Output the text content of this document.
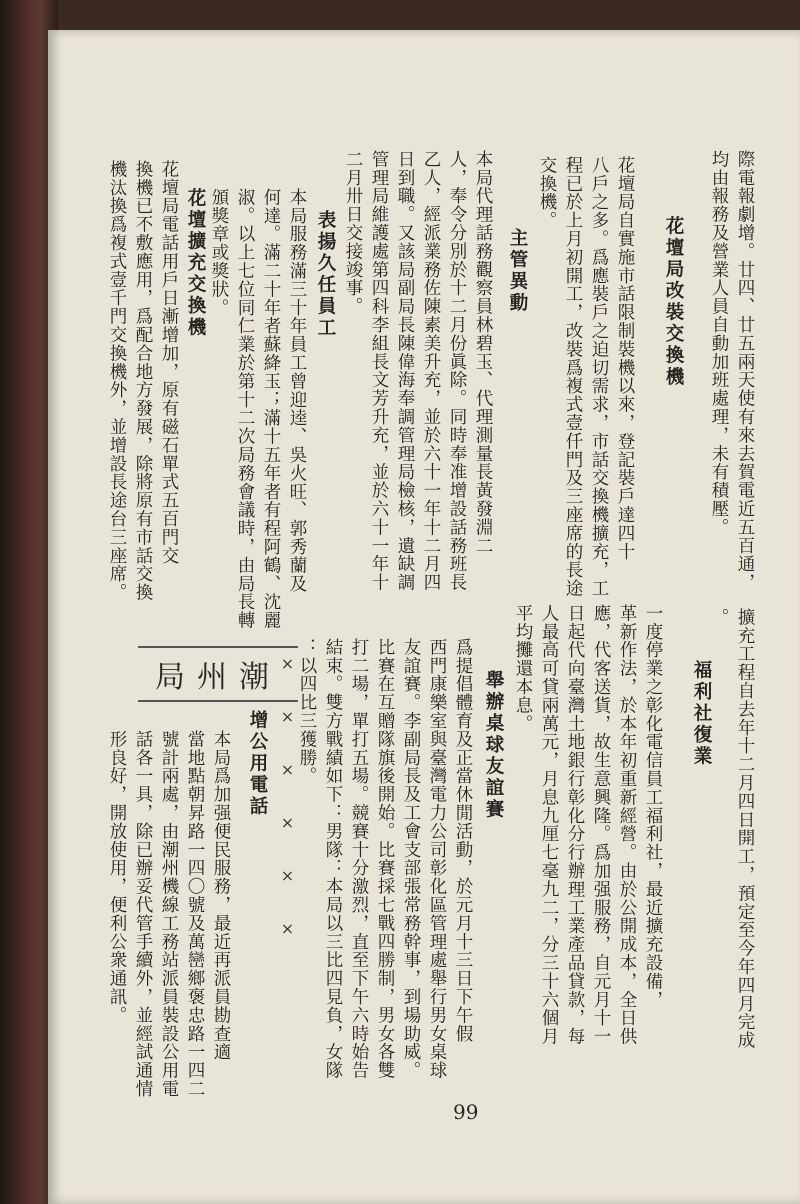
際電報劇增。廿四、廿五兩天使有來去賀電近五百通，
均由報務及營業人員自動加班處理，未有積壓。
花壇局改裝交換機
花壇局自實施市話限制裝機以來，登記裝戶達四十
八戶之多。爲應裝戶之迫切需求，市話交換機擴充，工
程已於上月初開工，改裝爲複式壹仟門及三座席的長途
交換機。
主管異動
本局代理話務觀察員林碧玉、代理測量長黃發淵二
人，奉令分別於十二月份眞除。同時奉准增設話務班長
乙人，經派業務佐陳素美升充，並於六十一年十二月四
日到職。又該局副局長陳偉海奉調管理局檢核，遺缺調
管理局維護處第四科李組長文芳升充，並於六十一年十
二月卅日交接竣事。
表揚久任員工
本局服務滿三十年員工曾迎逵、吳火旺、郭秀蘭及
何達。滿二十年者蘇絳玉；滿十五年者有程阿鶴、沈麗
淑。以上七位同仁業於第十二次局務會議時，由局長轉
頒獎章或獎狀。
花壇擴充交換機
花壇局電話用戶日漸增加，原有磁石單式五百門交
換機已不敷應用，爲配合地方發展，除將原有市話交換
機汰換爲複式壹千門交換機外，並增設長途台三座席。
擴充工程自去年十二月四日開工，預定至今年四月完成
。
福利社復業
一度停業之彰化電信員工福利社，最近擴充設備，
革新作法，於本年初重新經營。由於公開成本，全日供
應，代客送貨，故生意興隆。爲加强服務，自元月十一
日起代向臺灣土地銀行彰化分行辦理工業產品貸款，每
人最高可貸兩萬元，月息九厘七毫九二，分三十六個月
平均攤還本息。
舉辦桌球友誼賽
爲提倡體育及正當休閒活動，於元月十三日下午假
西門康樂室與臺灣電力公司彰化區管理處舉行男女桌球
友誼賽。李副局長及工會支部張常務幹事，到場助威。
比賽在互贈隊旗後開始。比賽採七戰四勝制，男女各雙
打二場，單打五場。競賽十分激烈，直至下午六時始告
結束。雙方戰績如下：男隊：本局以三比四見負，女隊
：以四比三獲勝。
××××××
增公用電話
本局爲加强便民服務，最近再派員勘查適
當地點朝昇路一四〇號及萬巒鄉褒忠路一四二
號計兩處，由潮州機線工務站派員裝設公用電
話各一具，除已辦妥代管手續外，並經試通情
形良好，開放使用，便利公衆通訊。
局州潮
99
